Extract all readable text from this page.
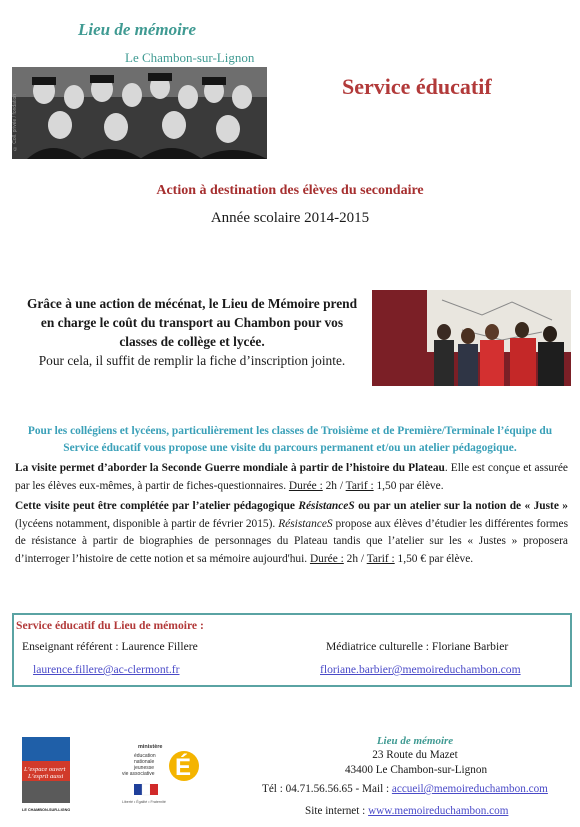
Lieu de mémoire
Le Chambon-sur-Lignon
© Coll. privée / fondation
Service éducatif
Action à destination des élèves du secondaire
Année scolaire 2014-2015
Grâce à une action de mécénat, le Lieu de Mémoire prend
en charge le coût du transport au Chambon pour vos
classes de collège et lycée.
Pour cela, il suffit de remplir la fiche d’inscription jointe.
Pour les collégiens et lycéens, particulièrement les classes de Troisième et de Première/Terminale l’équipe du Service éducatif vous propose une visite du parcours permanent et/ou un atelier pédagogique.
La visite permet d’aborder la Seconde Guerre mondiale à partir de l’histoire du Plateau. Elle est conçue et assurée par les élèves eux-mêmes, à partir de fiches-questionnaires. Durée : 2h / Tarif : 1,50 par élève.
Cette visite peut être complétée par l’atelier pédagogique RésistanceS ou par un atelier sur la notion de « Juste » (lycéens notamment, disponible à partir de février 2015). RésistanceS propose aux élèves d’étudier les différentes formes de résistance à partir de biographies de personnages du Plateau tandis que l’atelier sur les « Justes » proposera d’interroger l’histoire de cette notion et sa mémoire aujourd'hui. Durée : 2h / Tarif : 1,50 € par élève.
Service éducatif du Lieu de mémoire :
Enseignant référent : Laurence Fillere	Médiatrice culturelle : Floriane Barbier
laurence.fillere@ac-clermont.fr	floriane.barbier@memoireduchambon.com
L’espace ouvert
L’esprit aussi
LE CHAMBON-SUR-LIGNON
ministère
éducation
nationale
jeunesse
vie associative É
Liberté • Égalité • Fraternité
Lieu de mémoire
23 Route du Mazet
43400 Le Chambon-sur-Lignon
Tél : 04.71.56.56.65 - Mail : accueil@memoireduchambon.com
Site internet : www.memoireduchambon.com
